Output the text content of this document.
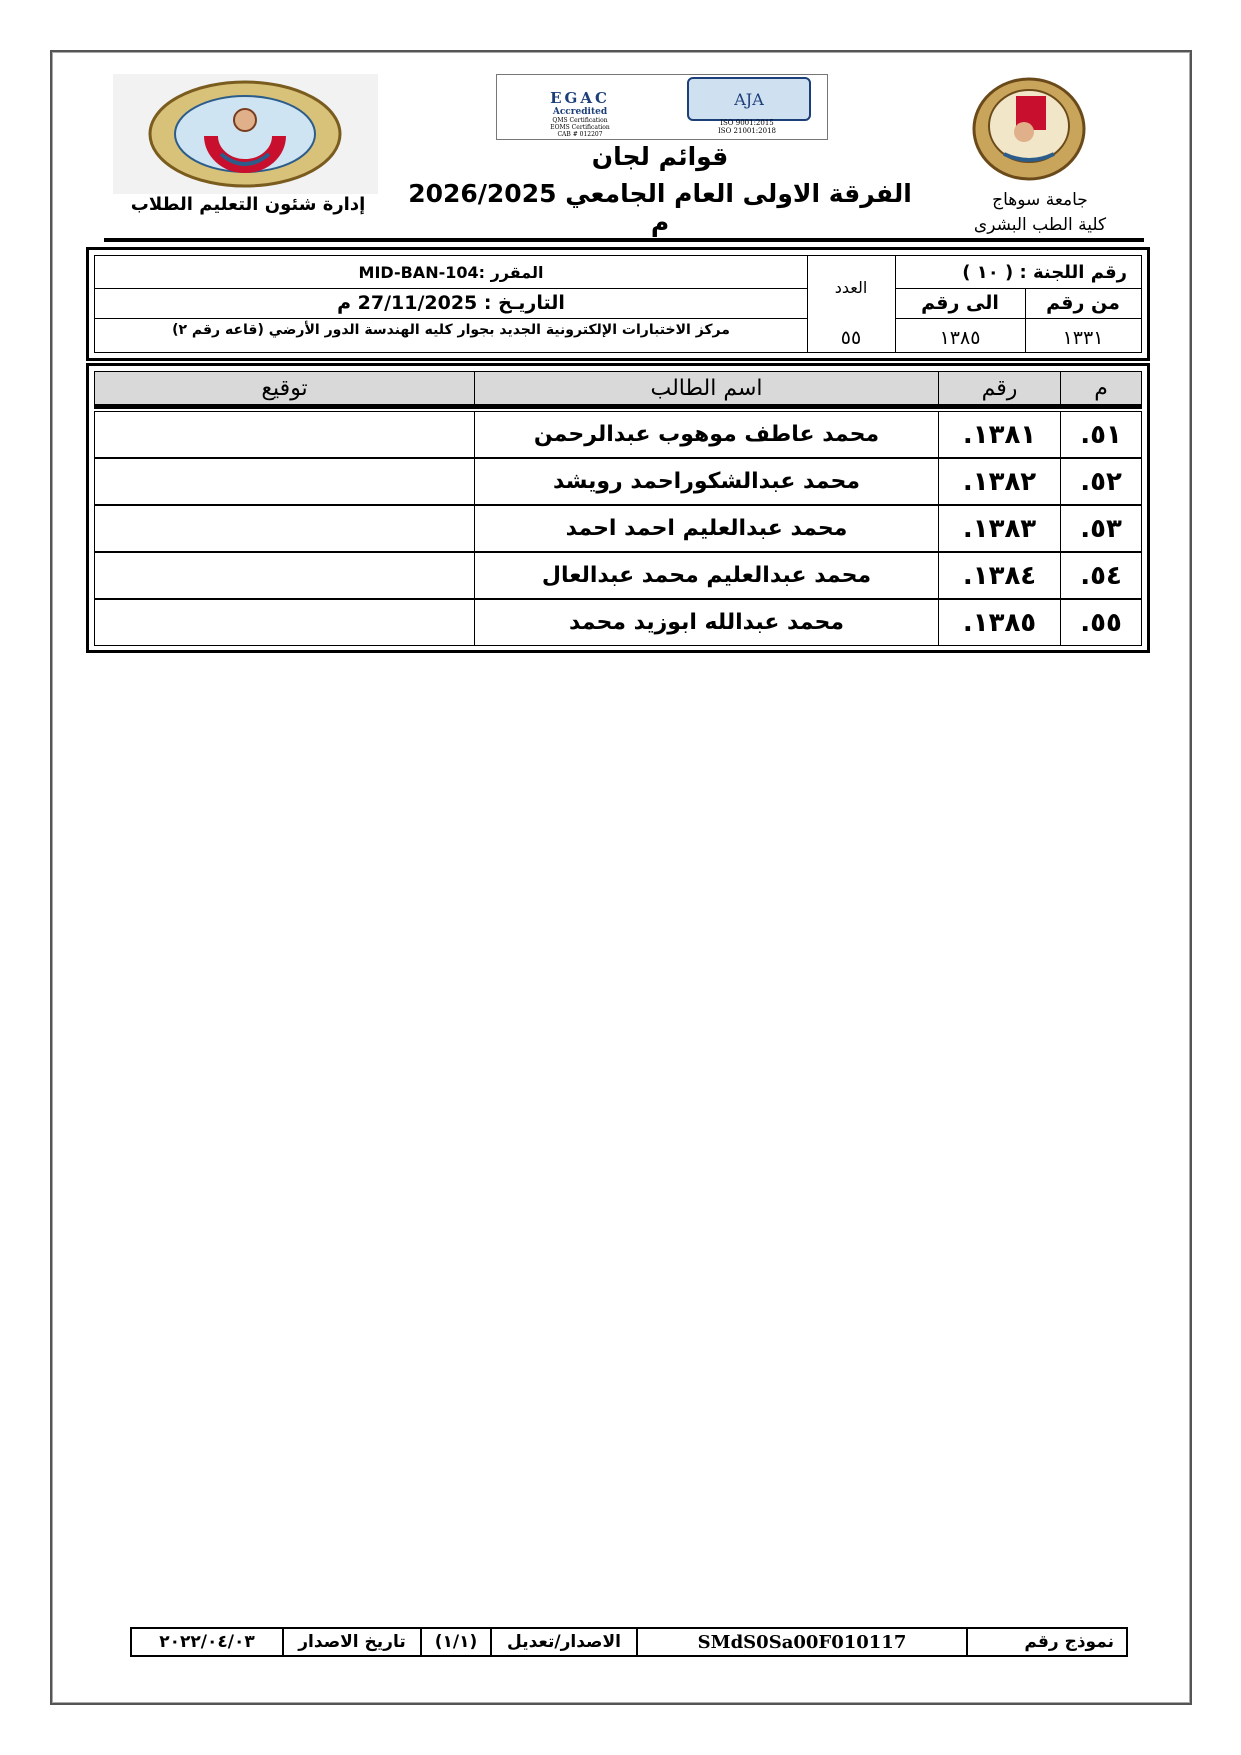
EGAC
Accredited
QMS Certification
EOMS Certification
CAB # 012207
AJA
ISO 9001:2015
ISO 21001:2018
قوائم لجان
الفرقة الاولى العام الجامعي 2026/2025 م
إدارة شئون التعليم الطلاب	جامعة سوهاج
كلية الطب البشرى
رقم اللجنة : ( ١٠ )
العدد
المقرر :MID-BAN-104
التاريـخ : 27/11/2025 م	من رقم
الى رقم
١٣٣١
١٣٨٥
٥٥
مركز الاختبارات الإلكترونية الجديد بجوار كليه الهندسة الدور الأرضي (قاعه رقم ٢)
م
رقم
اسم الطالب
توقيع
٥١.
١٣٨١.
محمد عاطف موهوب عبدالرحمن
٥٢.
١٣٨٢.
محمد عبدالشكوراحمد رويشد
٥٣.
١٣٨٣.
محمد عبدالعليم احمد احمد
٥٤.
١٣٨٤.
محمد عبدالعليم محمد عبدالعال
٥٥.
١٣٨٥.
محمد عبدالله ابوزيد محمد
نموذج رقم
SMdS0Sa00F010117
الاصدار/تعديل
(١/١)
تاريخ الاصدار
٢٠٢٢/٠٤/٠٣
